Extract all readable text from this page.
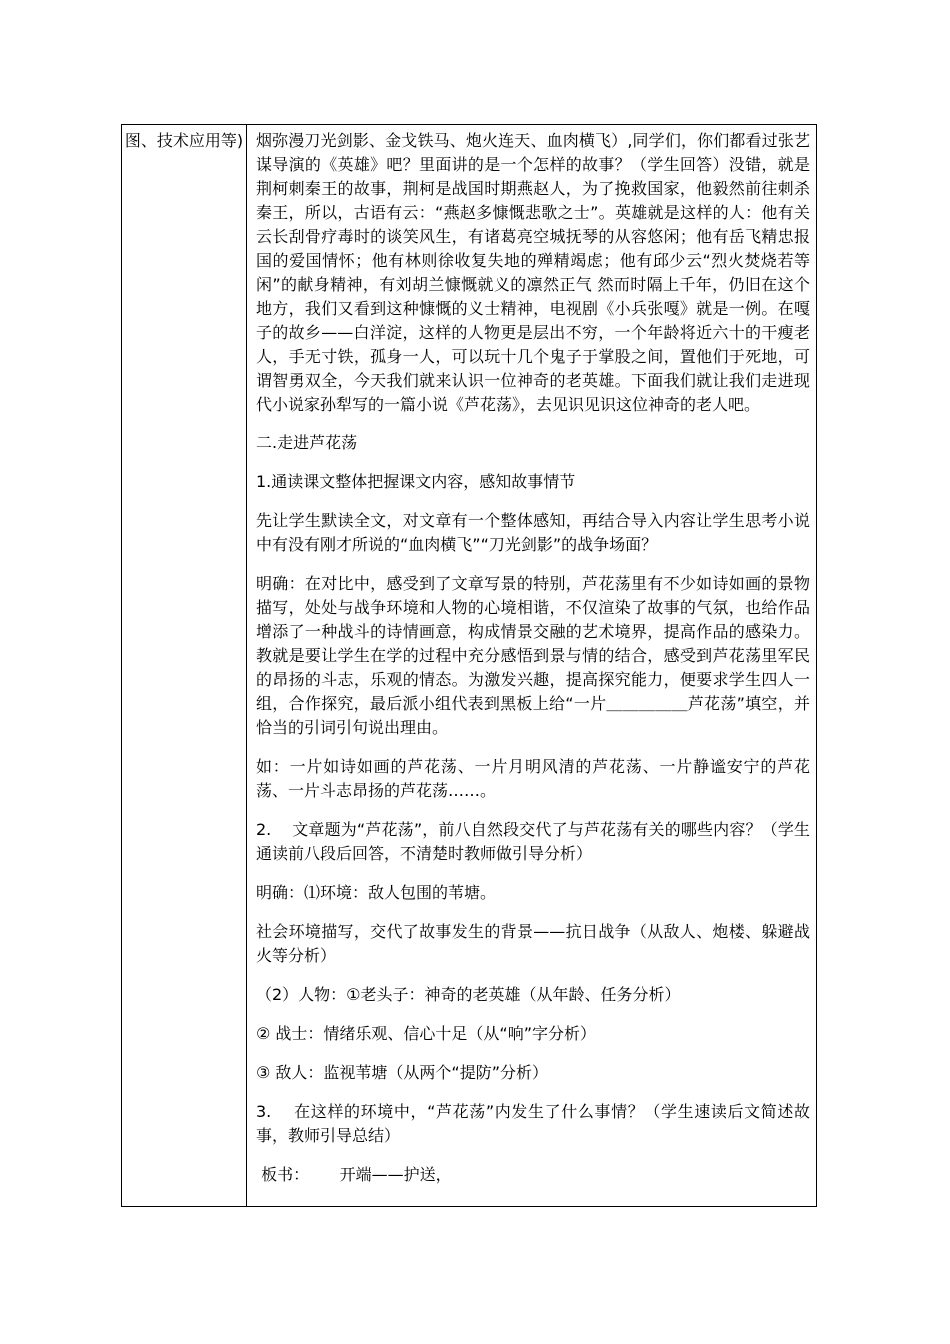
图、技术应用等) 烟弥漫刀光剑影、金戈铁马、炮火连天、血肉横飞）,同学们，你们都看过张艺谋导演的《英雄》吧？里面讲的是一个怎样的故事？（学生回答）没错，就是荆柯刺秦王的故事，荆柯是战国时期燕赵人，为了挽救国家，他毅然前往刺杀秦王，所以，古语有云：“燕赵多慷慨悲歌之士”。英雄就是这样的人：他有关云长刮骨疗毒时的谈笑风生，有诸葛亮空城抚琴的从容悠闲；他有岳飞精忠报国的爱国情怀；他有林则徐收复失地的殚精竭虑；他有邱少云“烈火焚烧若等闲”的献身精神，有刘胡兰慷慨就义的凛然正气 然而时隔上千年，仍旧在这个地方，我们又看到这种慷慨的义士精神，电视剧《小兵张嘎》就是一例。在嘎子的故乡——白洋淀，这样的人物更是层出不穷，一个年龄将近六十的干瘦老人，手无寸铁，孤身一人，可以玩十几个鬼子于掌股之间，置他们于死地，可谓智勇双全，今天我们就来认识一位神奇的老英雄。下面我们就让我们走进现代小说家孙犁写的一篇小说《芦花荡》，去见识见识这位神奇的老人吧。

二.走进芦花荡

1.通读课文整体把握课文内容，感知故事情节

先让学生默读全文，对文章有一个整体感知，再结合导入内容让学生思考小说中有没有刚才所说的“血肉横飞”“刀光剑影”的战争场面？

明确：在对比中，感受到了文章写景的特别，芦花荡里有不少如诗如画的景物描写，处处与战争环境和人物的心境相谐，不仅渲染了故事的气氛，也给作品增添了一种战斗的诗情画意，构成情景交融的艺术境界，提高作品的感染力。教就是要让学生在学的过程中充分感悟到景与情的结合，感受到芦花荡里军民的昂扬的斗志，乐观的情态。为激发兴趣，提高探究能力，便要求学生四人一组，合作探究，最后派小组代表到黑板上给“一片＿＿＿＿＿芦花荡”填空，并恰当的引词引句说出理由。

如：一片如诗如画的芦花荡、一片月明风清的芦花荡、一片静谧安宁的芦花荡、一片斗志昂扬的芦花荡……。

2.    文章题为“芦花荡”，前八自然段交代了与芦花荡有关的哪些内容？（学生通读前八段后回答，不清楚时教师做引导分析）

明确：⑴环境：敌人包围的苇塘。

社会环境描写，交代了故事发生的背景——抗日战争（从敌人、炮楼、躲避战火等分析）

（2）人物：①老头子：神奇的老英雄（从年龄、任务分析）

② 战士：情绪乐观、信心十足（从“响”字分析）

③ 敌人：监视苇塘（从两个“提防”分析）

3.    在这样的环境中，“芦花荡”内发生了什么事情？（学生速读后文简述故事，教师引导总结）

板书：      开端——护送，
